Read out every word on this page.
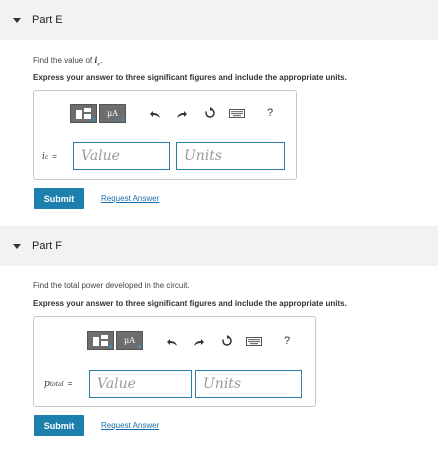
Part E
Find the value of $i_c$.
Express your answer to three significant figures and include the appropriate units.
μA	?
i c =	Value	Units
Submit	Request Answer
Part F
Find the total power developed in the circuit.
Express your answer to three significant figures and include the appropriate units.
μA	?
p total =	Value	Units
Submit	Request Answer
